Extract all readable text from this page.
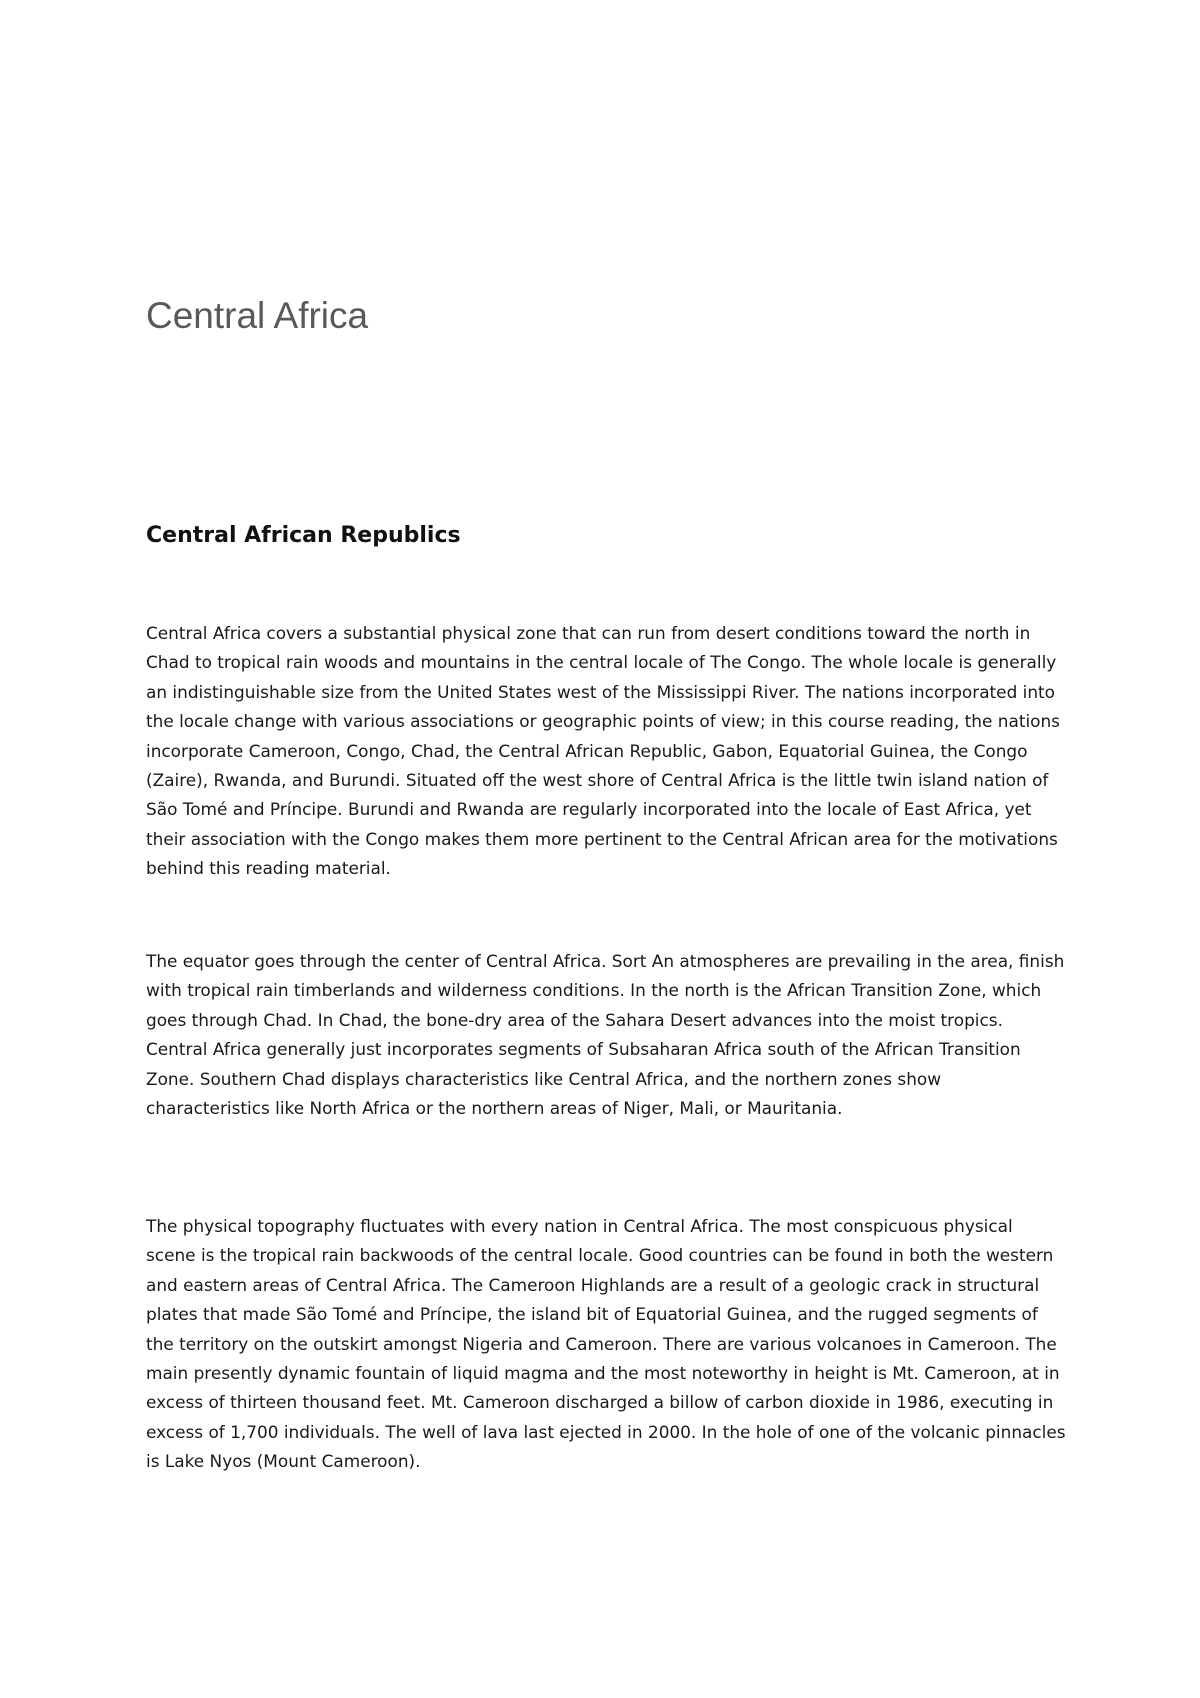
Central Africa
Central African Republics

Central Africa covers a substantial physical zone that can run from desert conditions toward the north in Chad to tropical rain woods and mountains in the central locale of The Congo. The whole locale is generally an indistinguishable size from the United States west of the Mississippi River. The nations incorporated into the locale change with various associations or geographic points of view; in this course reading, the nations incorporate Cameroon, Congo, Chad, the Central African Republic, Gabon, Equatorial Guinea, the Congo (Zaire), Rwanda, and Burundi. Situated off the west shore of Central Africa is the little twin island nation of São Tomé and Príncipe. Burundi and Rwanda are regularly incorporated into the locale of East Africa, yet their association with the Congo makes them more pertinent to the Central African area for the motivations behind this reading material.

The equator goes through the center of Central Africa. Sort An atmospheres are prevailing in the area, finish with tropical rain timberlands and wilderness conditions. In the north is the African Transition Zone, which goes through Chad. In Chad, the bone-dry area of the Sahara Desert advances into the moist tropics. Central Africa generally just incorporates segments of Subsaharan Africa south of the African Transition Zone. Southern Chad displays characteristics like Central Africa, and the northern zones show characteristics like North Africa or the northern areas of Niger, Mali, or Mauritania.

The physical topography fluctuates with every nation in Central Africa. The most conspicuous physical scene is the tropical rain backwoods of the central locale. Good countries can be found in both the western and eastern areas of Central Africa. The Cameroon Highlands are a result of a geologic crack in structural plates that made São Tomé and Príncipe, the island bit of Equatorial Guinea, and the rugged segments of the territory on the outskirt amongst Nigeria and Cameroon. There are various volcanoes in Cameroon. The main presently dynamic fountain of liquid magma and the most noteworthy in height is Mt. Cameroon, at in excess of thirteen thousand feet. Mt. Cameroon discharged a billow of carbon dioxide in 1986, executing in excess of 1,700 individuals. The well of lava last ejected in 2000. In the hole of one of the volcanic pinnacles is Lake Nyos (Mount Cameroon).
